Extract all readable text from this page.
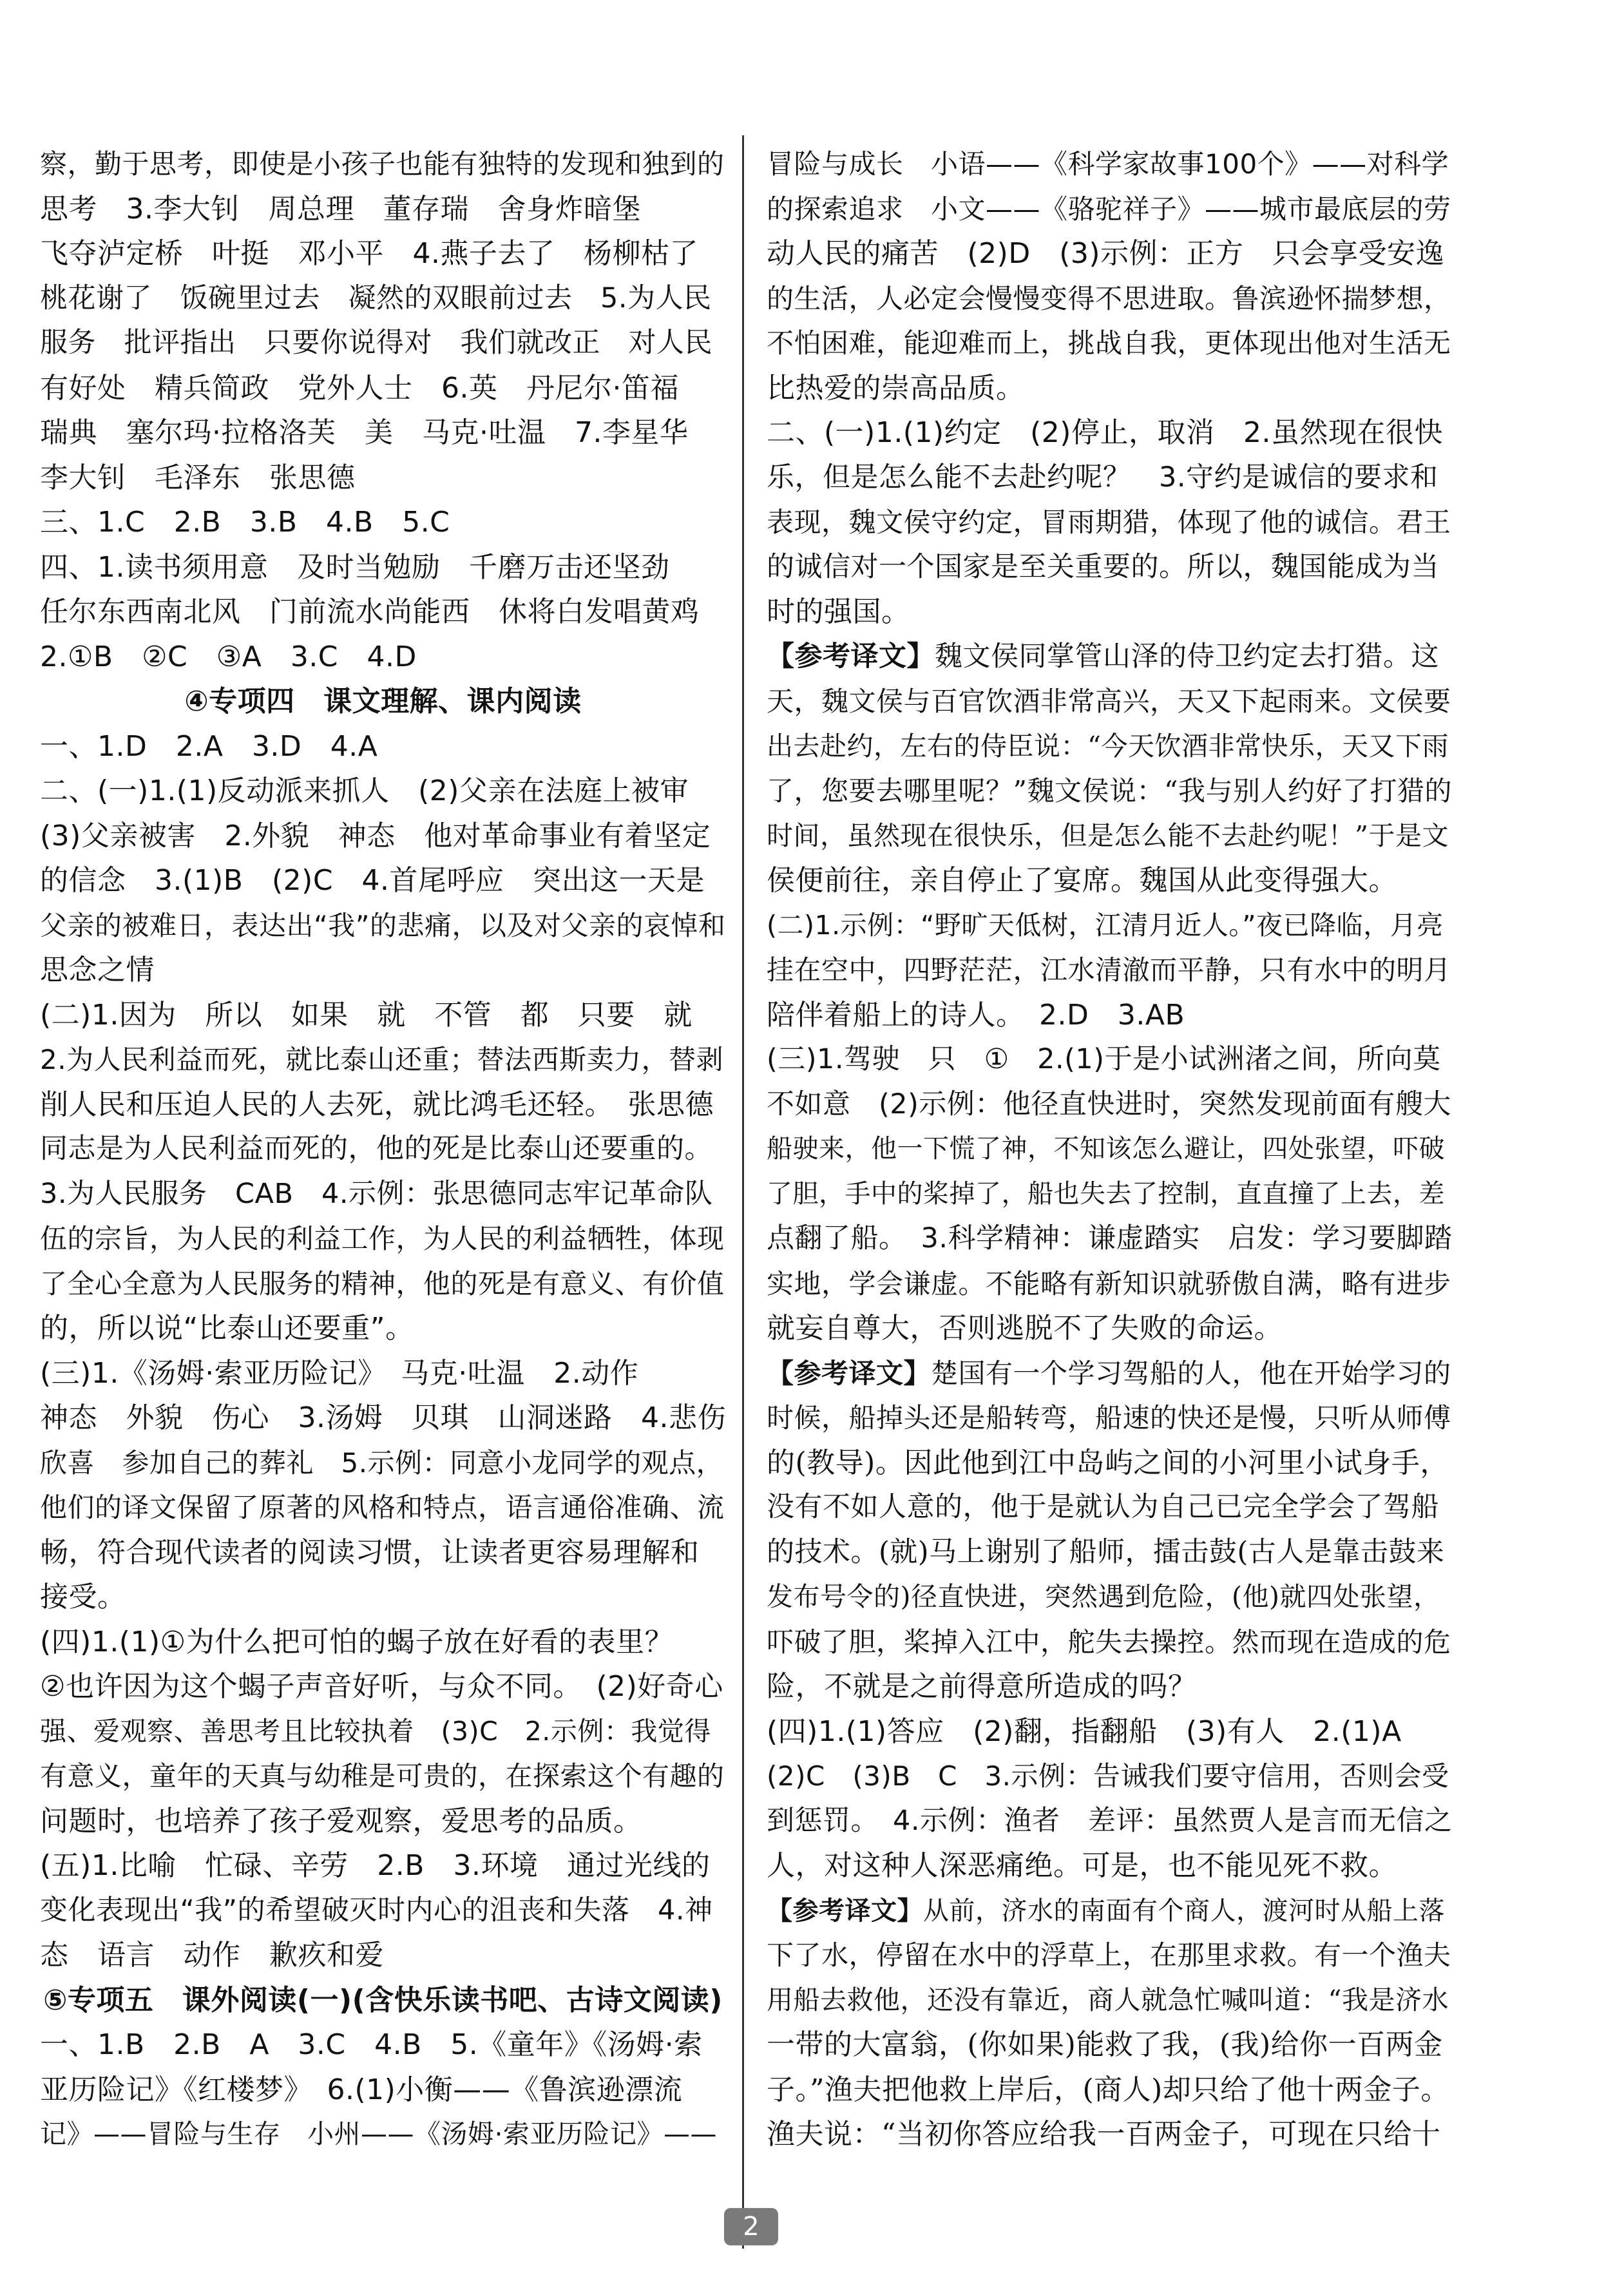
察，勤于思考，即使是小孩子也能有独特的发现和独到的
思考　3.李大钊　周总理　董存瑞　舍身炸暗堡
飞夺泸定桥　叶挺　邓小平　4.燕子去了　杨柳枯了
桃花谢了　饭碗里过去　凝然的双眼前过去　5.为人民
服务　批评指出　只要你说得对　我们就改正　对人民
有好处　精兵简政　党外人士　6.英　丹尼尔·笛福
瑞典　塞尔玛·拉格洛芙　美　马克·吐温　7.李星华
李大钊　毛泽东　张思德
三、1.C　2.B　3.B　4.B　5.C
四、1.读书须用意　及时当勉励　千磨万击还坚劲
任尔东西南北风　门前流水尚能西　休将白发唱黄鸡
2.①B　②C　③A　3.C　4.D
④专项四　课文理解、课内阅读
一、1.D　2.A　3.D　4.A
二、(一)1.(1)反动派来抓人　(2)父亲在法庭上被审
(3)父亲被害　2.外貌　神态　他对革命事业有着坚定
的信念　3.(1)B　(2)C　4.首尾呼应　突出这一天是
父亲的被难日，表达出“我”的悲痛，以及对父亲的哀悼和
思念之情
(二)1.因为　所以　如果　就　不管　都　只要　就
2.为人民利益而死，就比泰山还重；替法西斯卖力，替剥
削人民和压迫人民的人去死，就比鸿毛还轻。　张思德
同志是为人民利益而死的，他的死是比泰山还要重的。
3.为人民服务　CAB　4.示例：张思德同志牢记革命队
伍的宗旨，为人民的利益工作，为人民的利益牺牲，体现
了全心全意为人民服务的精神，他的死是有意义、有价值
的，所以说“比泰山还要重”。
(三)1.《汤姆·索亚历险记》　马克·吐温　2.动作
神态　外貌　伤心　3.汤姆　贝琪　山洞迷路　4.悲伤
欣喜　参加自己的葬礼　5.示例：同意小龙同学的观点，
他们的译文保留了原著的风格和特点，语言通俗准确、流
畅，符合现代读者的阅读习惯，让读者更容易理解和
接受。
(四)1.(1)①为什么把可怕的蝎子放在好看的表里？
②也许因为这个蝎子声音好听，与众不同。　(2)好奇心
强、爱观察、善思考且比较执着　(3)C　2.示例：我觉得
有意义，童年的天真与幼稚是可贵的，在探索这个有趣的
问题时，也培养了孩子爱观察，爱思考的品质。
(五)1.比喻　忙碌、辛劳　2.B　3.环境　通过光线的
变化表现出“我”的希望破灭时内心的沮丧和失落　4.神
态　语言　动作　歉疚和爱
⑤专项五　课外阅读(一)(含快乐读书吧、古诗文阅读)
一、1.B　2.B　A　3.C　4.B　5.《童年》《汤姆·索
亚历险记》《红楼梦》　6.(1)小衡——《鲁滨逊漂流
记》——冒险与生存　小州——《汤姆·索亚历险记》——
冒险与成长　小语——《科学家故事100个》——对科学
的探索追求　小文——《骆驼祥子》——城市最底层的劳
动人民的痛苦　(2)D　(3)示例：正方　只会享受安逸
的生活，人必定会慢慢变得不思进取。鲁滨逊怀揣梦想，
不怕困难，能迎难而上，挑战自我，更体现出他对生活无
比热爱的崇高品质。
二、(一)1.(1)约定　(2)停止，取消　2.虽然现在很快
乐，但是怎么能不去赴约呢？　3.守约是诚信的要求和
表现，魏文侯守约定，冒雨期猎，体现了他的诚信。君王
的诚信对一个国家是至关重要的。所以，魏国能成为当
时的强国。
【参考译文】魏文侯同掌管山泽的侍卫约定去打猎。这
天，魏文侯与百官饮酒非常高兴，天又下起雨来。文侯要
出去赴约，左右的侍臣说：“今天饮酒非常快乐，天又下雨
了，您要去哪里呢？”魏文侯说：“我与别人约好了打猎的
时间，虽然现在很快乐，但是怎么能不去赴约呢！”于是文
侯便前往，亲自停止了宴席。魏国从此变得强大。
(二)1.示例：“野旷天低树，江清月近人。”夜已降临，月亮
挂在空中，四野茫茫，江水清澈而平静，只有水中的明月
陪伴着船上的诗人。　2.D　3.AB
(三)1.驾驶　只　①　2.(1)于是小试洲渚之间，所向莫
不如意　(2)示例：他径直快进时，突然发现前面有艘大
船驶来，他一下慌了神，不知该怎么避让，四处张望，吓破
了胆，手中的桨掉了，船也失去了控制，直直撞了上去，差
点翻了船。　3.科学精神：谦虚踏实　启发：学习要脚踏
实地，学会谦虚。不能略有新知识就骄傲自满，略有进步
就妄自尊大，否则逃脱不了失败的命运。
【参考译文】楚国有一个学习驾船的人，他在开始学习的
时候，船掉头还是船转弯，船速的快还是慢，只听从师傅
的(教导)。因此他到江中岛屿之间的小河里小试身手，
没有不如人意的，他于是就认为自己已完全学会了驾船
的技术。(就)马上谢别了船师，擂击鼓(古人是靠击鼓来
发布号令的)径直快进，突然遇到危险，(他)就四处张望，
吓破了胆，桨掉入江中，舵失去操控。然而现在造成的危
险，不就是之前得意所造成的吗？
(四)1.(1)答应　(2)翻，指翻船　(3)有人　2.(1)A
(2)C　(3)B　C　3.示例：告诫我们要守信用，否则会受
到惩罚。　4.示例：渔者　差评：虽然贾人是言而无信之
人，对这种人深恶痛绝。可是，也不能见死不救。
【参考译文】从前，济水的南面有个商人，渡河时从船上落
下了水，停留在水中的浮草上，在那里求救。有一个渔夫
用船去救他，还没有靠近，商人就急忙喊叫道：“我是济水
一带的大富翁，(你如果)能救了我，(我)给你一百两金
子。”渔夫把他救上岸后，(商人)却只给了他十两金子。
渔夫说：“当初你答应给我一百两金子，可现在只给十
2
